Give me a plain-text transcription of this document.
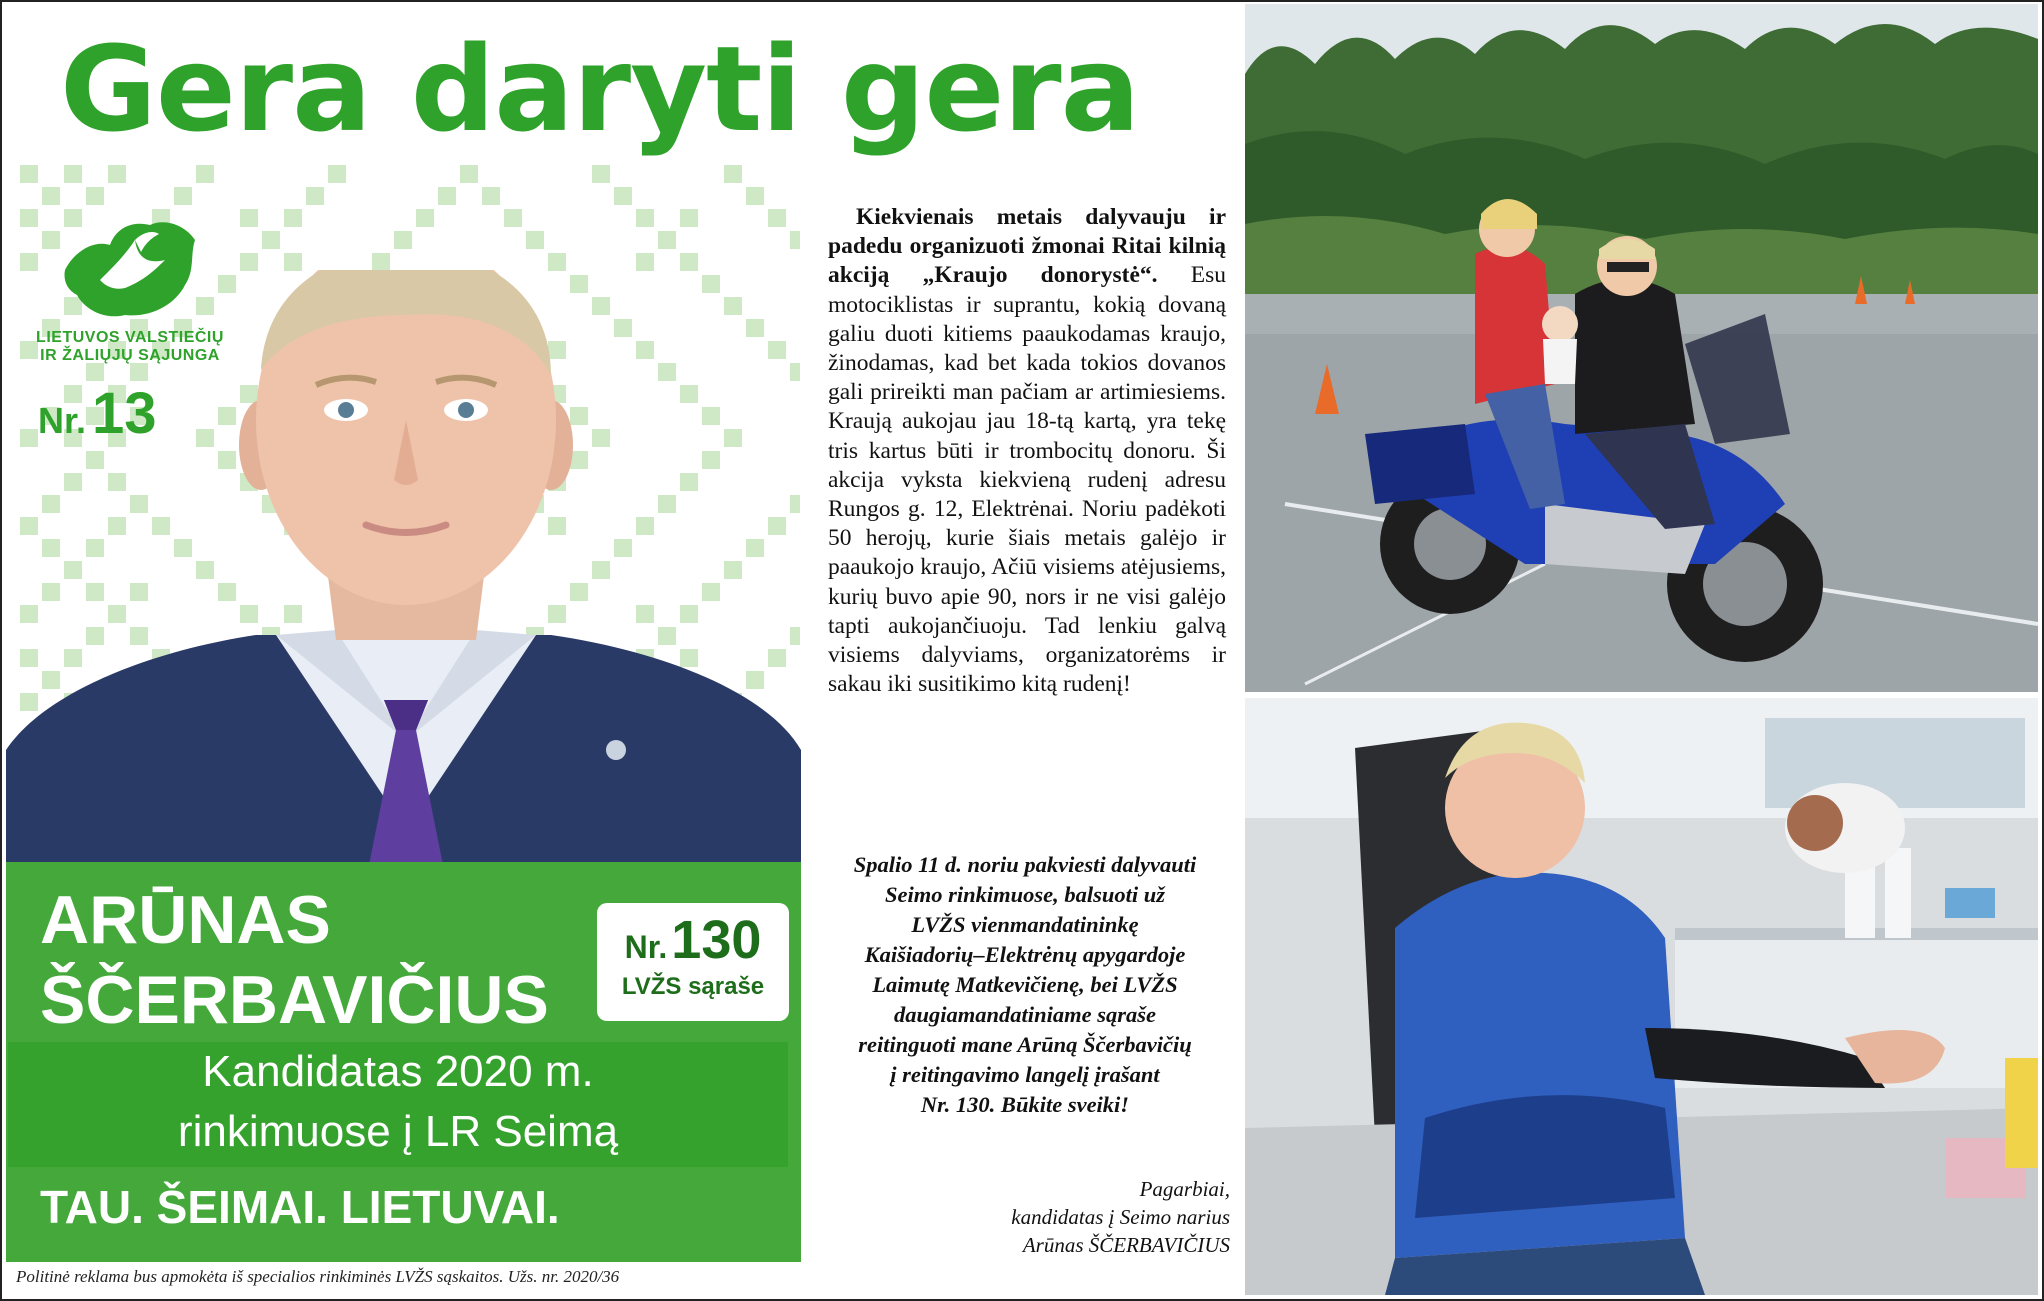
Gera daryti gera
LIETUVOS VALSTIEČIŲ
IR ŽALIŲJŲ SĄJUNGA
Nr. 13
ARŪNAS
ŠČERBAVIČIUS
Nr.130
LVŽS sąraše
Kandidatas 2020 m.
rinkimuose į LR Seimą
TAU. ŠEIMAI. LIETUVAI.
Politinė reklama bus apmokėta iš specialios rinkiminės LVŽS sąskaitos. Užs. nr. 2020/36

Kiekvienais metais dalyvauju ir padedu organizuoti žmonai Ritai kilnią akciją „Kraujo donorystė“. Esu motociklistas ir suprantu, kokią dovaną galiu duoti kitiems paaukodamas kraujo, žinodamas, kad bet kada tokios dovanos gali prireikti man pačiam ar artimiesiems. Kraują aukojau jau 18-tą kartą, yra tekę tris kartus būti ir trombocitų donoru. Ši akcija vyksta kiekvieną rudenį adresu Rungos g. 12, Elektrėnai. Noriu padėkoti 50 herojų, kurie šiais metais galėjo ir paaukojo kraujo, Ačiū visiems atėjusiems, kurių buvo apie 90, nors ir ne visi galėjo tapti aukojančiuoju. Tad lenkiu galvą visiems dalyviams, organizatorėms ir sakau iki susitikimo kitą rudenį!

Spalio 11 d. noriu pakviesti dalyvauti
Seimo rinkimuose, balsuoti už
LVŽS vienmandatininkę
Kaišiadorių–Elektrėnų apygardoje
Laimutę Matkevičienę, bei LVŽS
daugiamandatiniame sąraše
reitinguoti mane Arūną Ščerbavičių
į reitingavimo langelį įrašant
Nr. 130. Būkite sveiki!
Pagarbiai,
kandidatas į Seimo narius
Arūnas ŠČERBAVIČIUS
